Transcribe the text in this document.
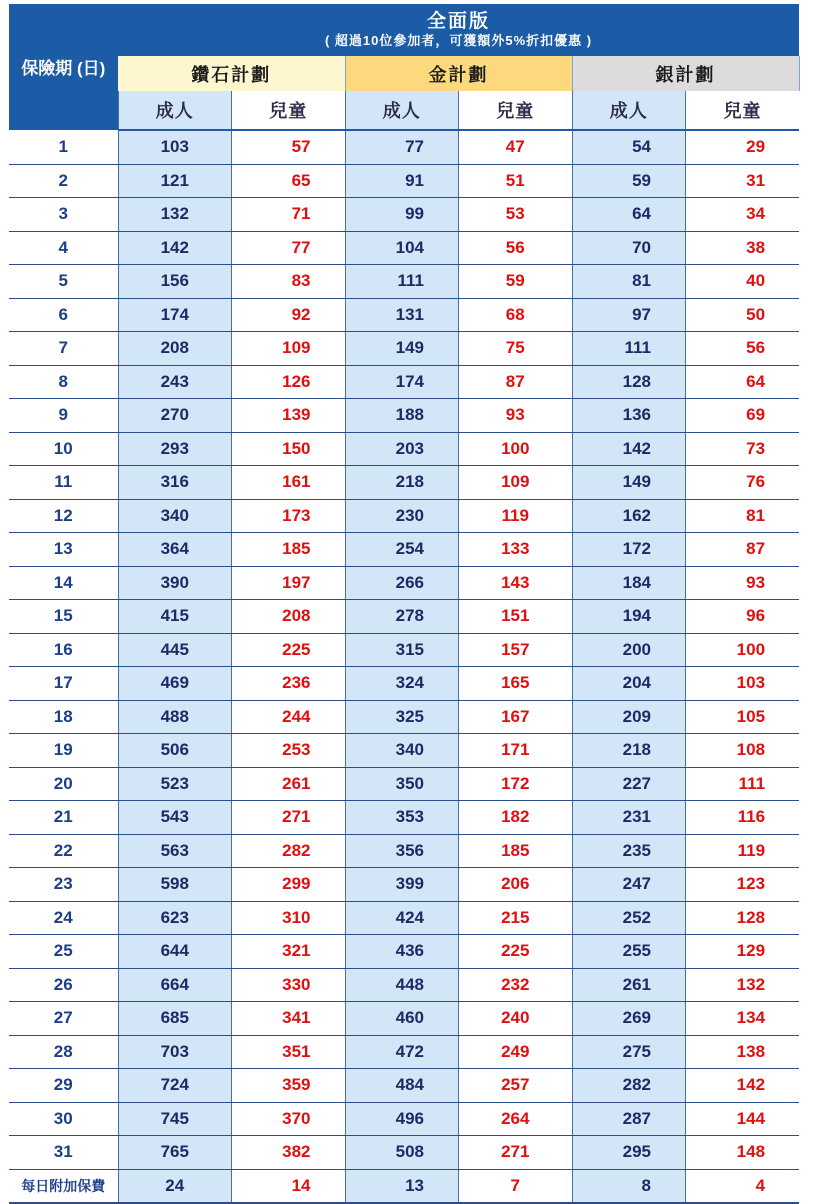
保險期 (日)	全面版
( 超過10位參加者，可獲額外5%折扣優惠 )					

	鑽石計劃		金計劃		銀計劃	
	成人	兒童	成人	兒童	成人	兒童
1	103	57	77	47	54	29
2	121	65	91	51	59	31
3	132	71	99	53	64	34
4	142	77	104	56	70	38
5	156	83	111	59	81	40
6	174	92	131	68	97	50
7	208	109	149	75	111	56
8	243	126	174	87	128	64
9	270	139	188	93	136	69
10	293	150	203	100	142	73
11	316	161	218	109	149	76
12	340	173	230	119	162	81
13	364	185	254	133	172	87
14	390	197	266	143	184	93
15	415	208	278	151	194	96
16	445	225	315	157	200	100
17	469	236	324	165	204	103
18	488	244	325	167	209	105
19	506	253	340	171	218	108
20	523	261	350	172	227	111
21	543	271	353	182	231	116
22	563	282	356	185	235	119
23	598	299	399	206	247	123
24	623	310	424	215	252	128
25	644	321	436	225	255	129
26	664	330	448	232	261	132
27	685	341	460	240	269	134
28	703	351	472	249	275	138
29	724	359	484	257	282	142
30	745	370	496	264	287	144
31	765	382	508	271	295	148
每日附加保費	24	14	13	7	8	4
